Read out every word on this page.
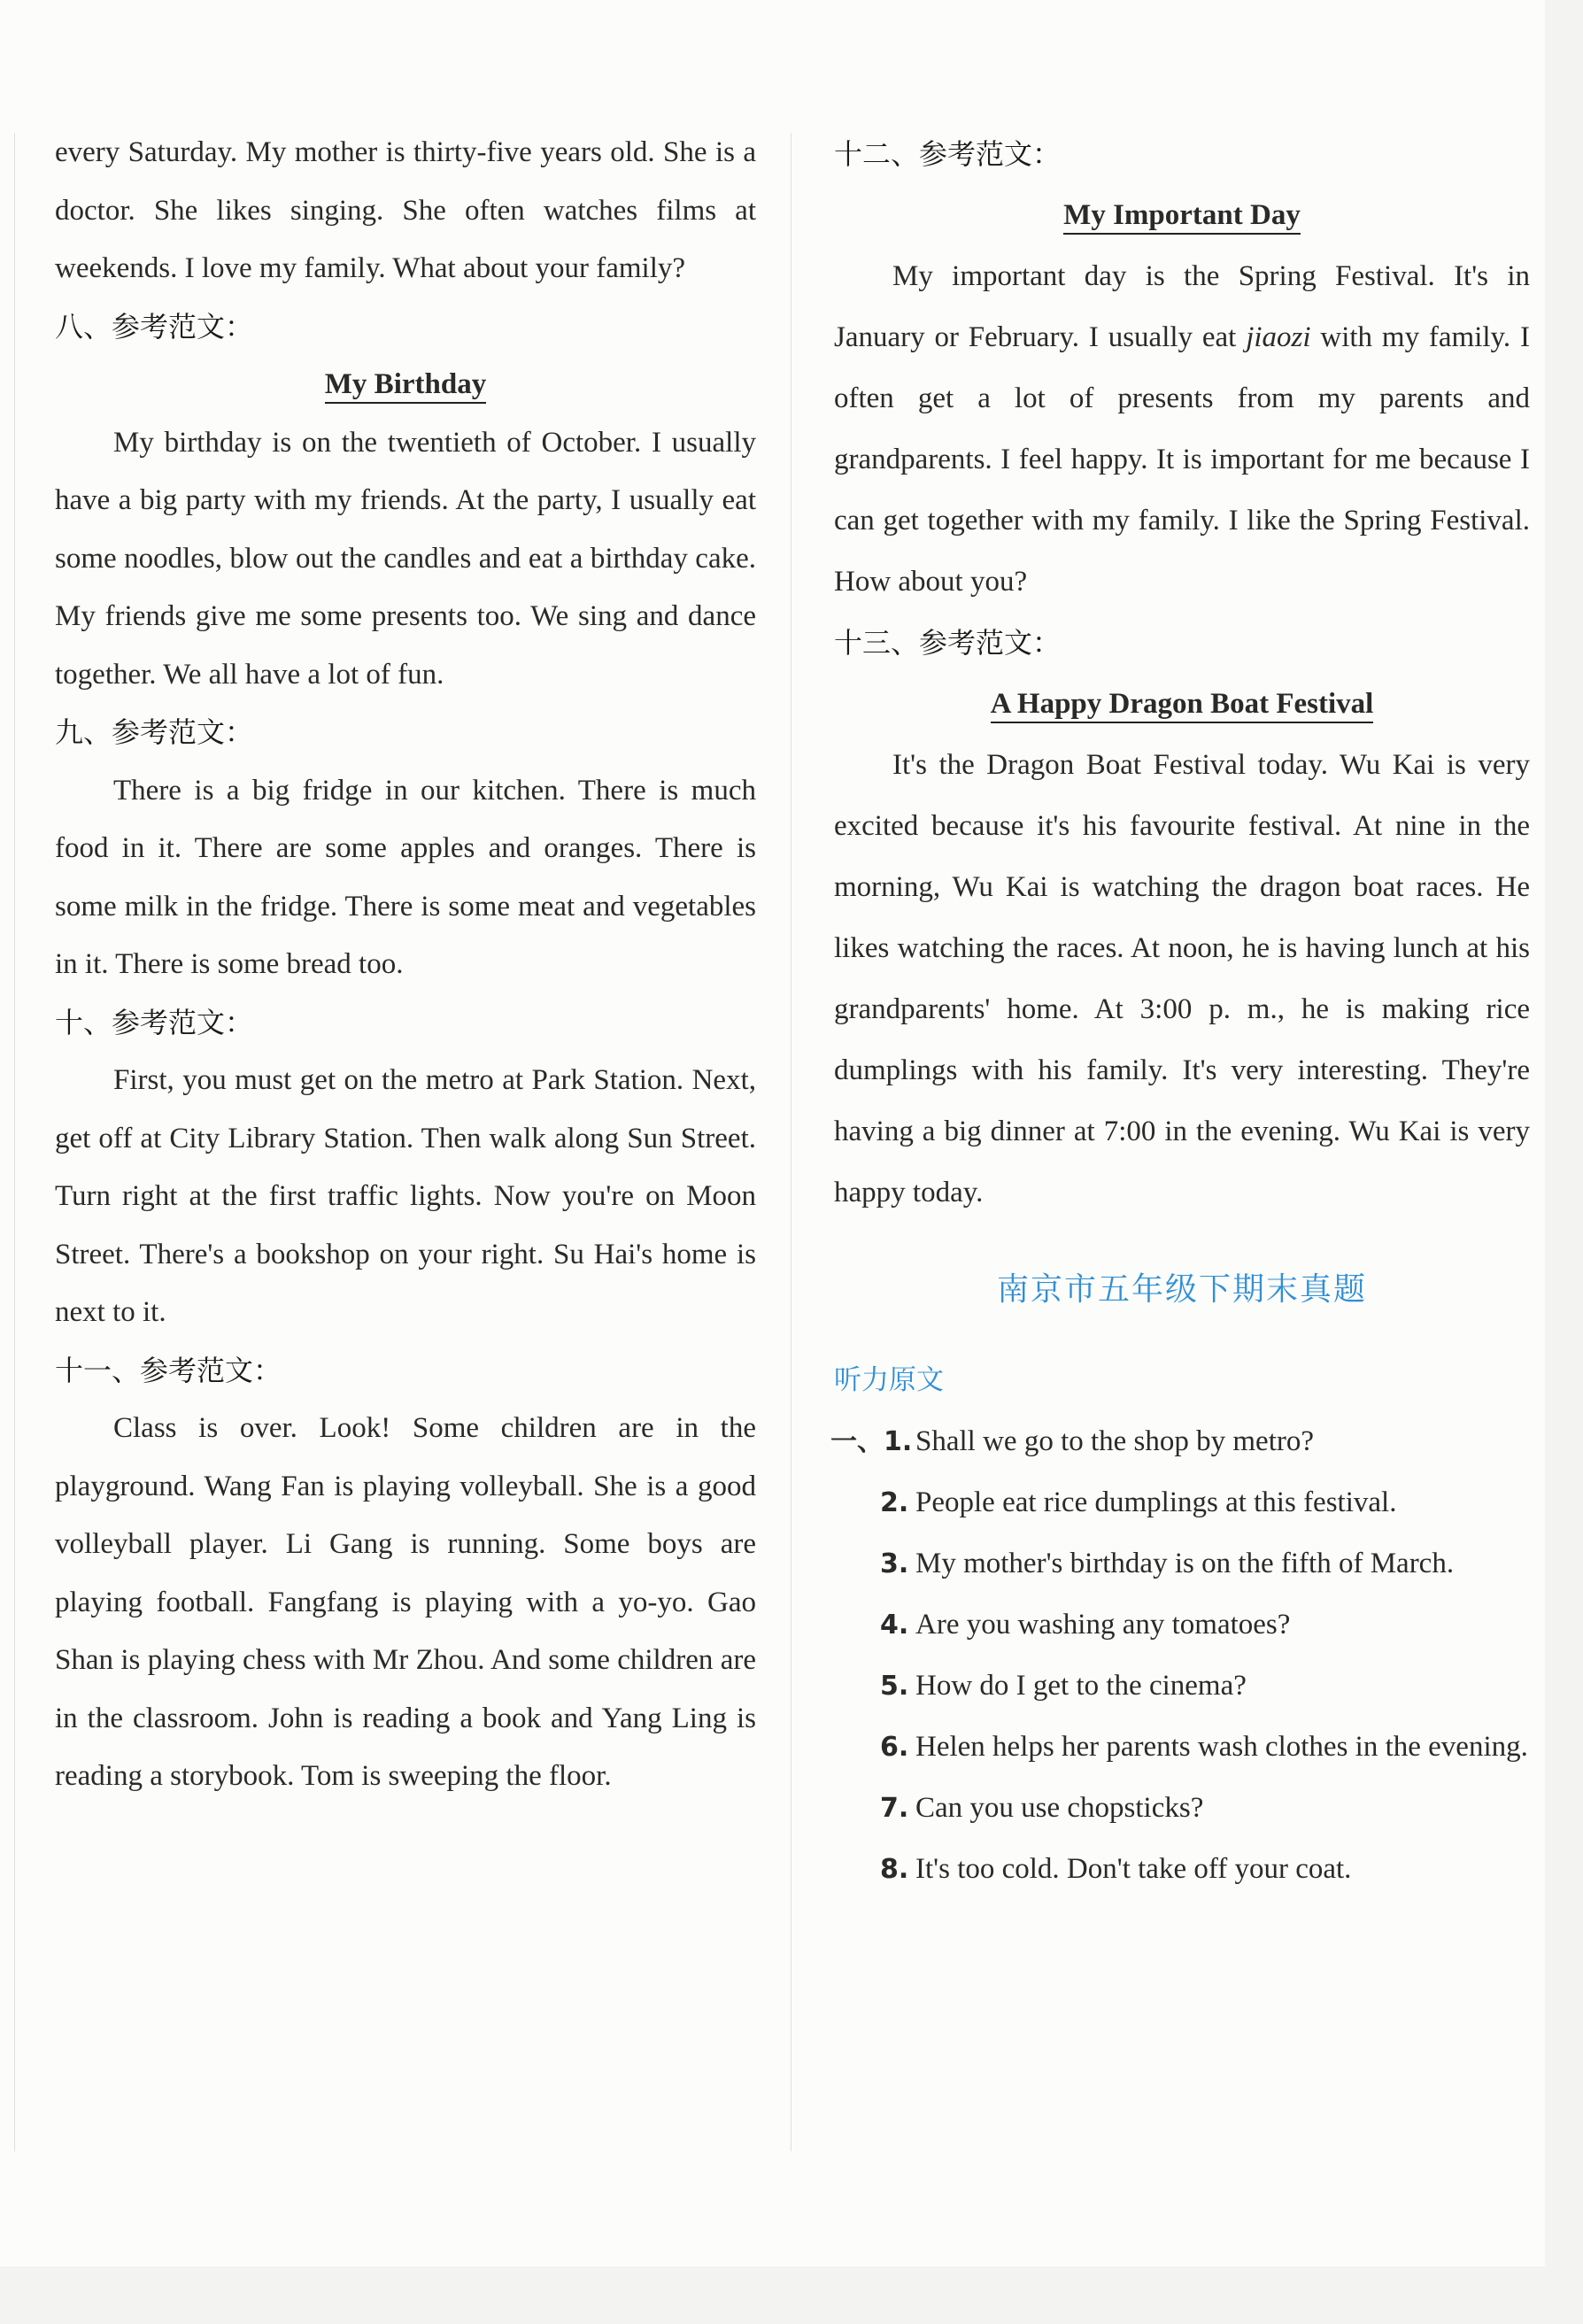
every Saturday. My mother is thirty-five years old. She is a doctor. She likes singing. She often watches films at weekends. I love my family. What about your family?

八、参考范文：
My Birthday

My birthday is on the twentieth of October. I usually have a big party with my friends. At the party, I usually eat some noodles, blow out the candles and eat a birthday cake. My friends give me some presents too. We sing and dance together. We all have a lot of fun.

九、参考范文：

There is a big fridge in our kitchen. There is much food in it. There are some apples and oranges. There is some milk in the fridge. There is some meat and vegetables in it. There is some bread too.

十、参考范文：

First, you must get on the metro at Park Station. Next, get off at City Library Station. Then walk along Sun Street. Turn right at the first traffic lights. Now you're on Moon Street. There's a bookshop on your right. Su Hai's home is next to it.

十一、参考范文：

Class is over. Look! Some children are in the playground. Wang Fan is playing volleyball. She is a good volleyball player. Li Gang is running. Some boys are playing football. Fangfang is playing with a yo-yo. Gao Shan is playing chess with Mr Zhou. And some children are in the classroom. John is reading a book and Yang Ling is reading a storybook. Tom is sweeping the floor.

十二、参考范文：
My Important Day

My important day is the Spring Festival. It's in January or February. I usually eat jiaozi with my family. I often get a lot of presents from my parents and grandparents. I feel happy. It is important for me because I can get together with my family. I like the Spring Festival. How about you?

十三、参考范文：
A Happy Dragon Boat Festival

It's the Dragon Boat Festival today. Wu Kai is very excited because it's his favourite festival. At nine in the morning, Wu Kai is watching the dragon boat races. He likes watching the races. At noon, he is having lunch at his grandparents' home. At 3:00 p. m., he is making rice dumplings with his family. It's very interesting. They're having a big dinner at 7:00 in the evening. Wu Kai is very happy today.

南京市五年级下期末真题
听力原文
一、1. Shall we go to the shop by metro?
2. People eat rice dumplings at this festival.
3. My mother's birthday is on the fifth of March.
4. Are you washing any tomatoes?
5. How do I get to the cinema?
6. Helen helps her parents wash clothes in the evening.
7. Can you use chopsticks?
8. It's too cold. Don't take off your coat.
